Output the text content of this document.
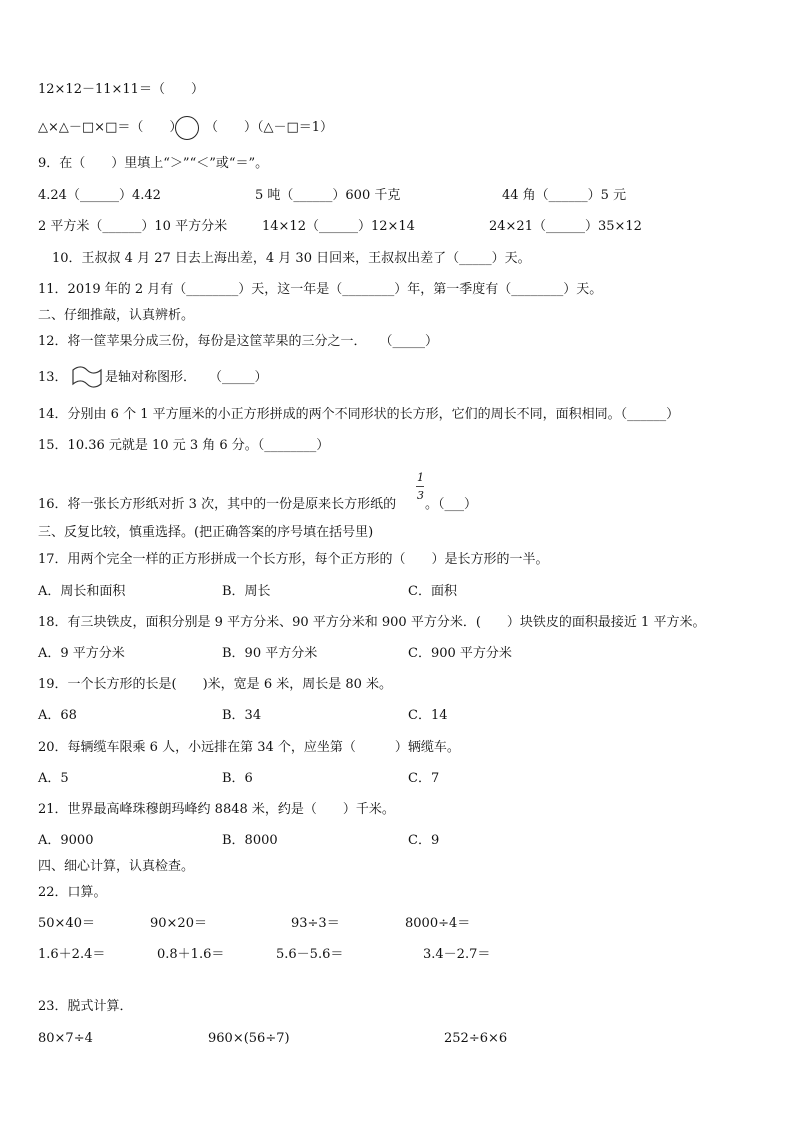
12×12－11×11＝（　　）
△×△－□×□＝（　　） （　　）（△－□＝1）
9．在（　　）里填上“＞”“＜”或“＝”。
4.24（______）4.42	5 吨（______）600 千克	44 角（______）5 元
2 平方米（______）10 平方分米	14×12（______）12×14	24×21（______）35×12
10．王叔叔 4 月 27 日去上海出差，4 月 30 日回来，王叔叔出差了（_____）天。
11．2019 年的 2 月有（________）天，这一年是（________）年，第一季度有（________）天。
二、仔细推敲，认真辨析。
12．将一筐苹果分成三份，每份是这筐苹果的三分之一．　　（_____）
13．	是轴对称图形．　　（_____）
14．分别由 6 个 1 平方厘米的小正方形拼成的两个不同形状的长方形，它们的周长不同，面积相同。（______）
15．10.36 元就是 10 元 3 角 6 分。（________）
16．将一张长方形纸对折 3 次，其中的一份是原来长方形纸的
1
3
。（___）
三、反复比较，慎重选择。(把正确答案的序号填在括号里)
17．用两个完全一样的正方形拼成一个长方形，每个正方形的（　　）是长方形的一半。
A．周长和面积	B．周长	C．面积
18．有三块铁皮，面积分别是 9 平方分米、90 平方分米和 900 平方分米．(　　）块铁皮的面积最接近 1 平方米。
A．9 平方分米	B．90 平方分米	C．900 平方分米
19．一个长方形的长是(　　)米，宽是 6 米，周长是 80 米。
A．68	B．34	C．14
20．每辆缆车限乘 6 人，小远排在第 34 个，应坐第（　　　）辆缆车。
A．5	B．6	C．7
21．世界最高峰珠穆朗玛峰约 8848 米，约是（　　）千米。
A．9000	B．8000	C．9
四、细心计算，认真检查。
22．口算。
50×40＝	90×20＝	93÷3＝	8000÷4＝
1.6＋2.4＝	0.8＋1.6＝	5.6－5.6＝	3.4－2.7＝
23．脱式计算．
80×7÷4	960×(56÷7)	252÷6×6
